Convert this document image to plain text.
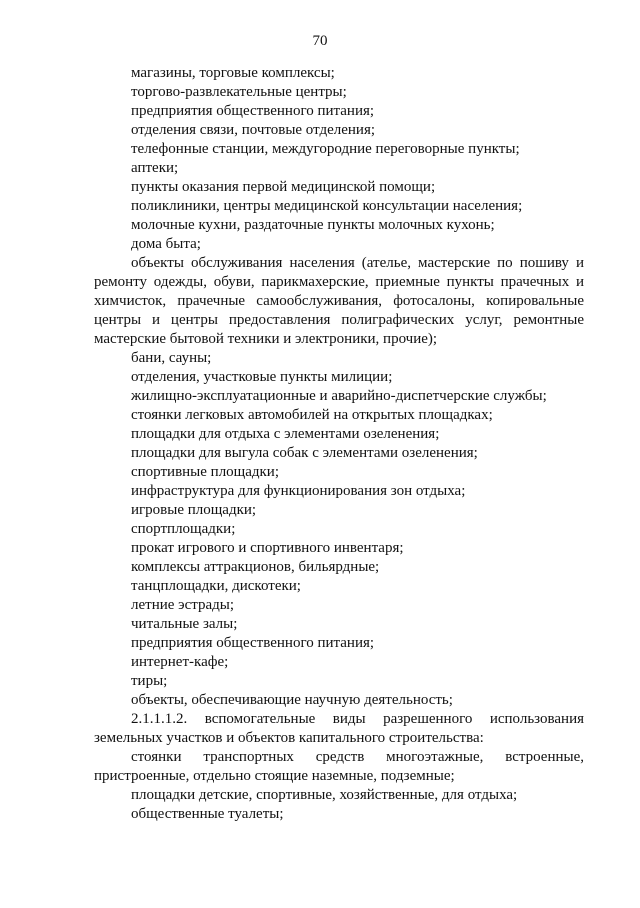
70
магазины, торговые комплексы;
торгово-развлекательные центры;
предприятия общественного питания;
отделения связи, почтовые отделения;
телефонные станции, междугородние переговорные пункты;
аптеки;
пункты оказания первой медицинской помощи;
поликлиники, центры медицинской консультации населения;
молочные кухни, раздаточные пункты молочных кухонь;
дома быта;
объекты обслуживания населения (ателье, мастерские по пошиву и ремонту одежды, обуви, парикмахерские, приемные пункты прачечных и химчисток, прачечные самообслуживания, фотосалоны, копировальные центры и центры предоставления полиграфических услуг, ремонтные мастерские бытовой техники и электроники, прочие);
бани, сауны;
отделения, участковые пункты милиции;
жилищно-эксплуатационные и аварийно-диспетчерские службы;
стоянки легковых автомобилей на открытых площадках;
площадки для отдыха с элементами озеленения;
площадки для выгула собак с элементами озеленения;
спортивные площадки;
инфраструктура для функционирования зон отдыха;
игровые площадки;
спортплощадки;
прокат игрового и спортивного инвентаря;
комплексы аттракционов, бильярдные;
танцплощадки, дискотеки;
летние эстрады;
читальные залы;
предприятия общественного питания;
интернет-кафе;
тиры;
объекты, обеспечивающие научную деятельность;
2.1.1.1.2. вспомогательные виды разрешенного использования земельных участков и объектов капитального строительства:
стоянки транспортных средств многоэтажные, встроенные, пристроенные, отдельно стоящие наземные, подземные;
площадки детские, спортивные, хозяйственные, для отдыха;
общественные туалеты;
